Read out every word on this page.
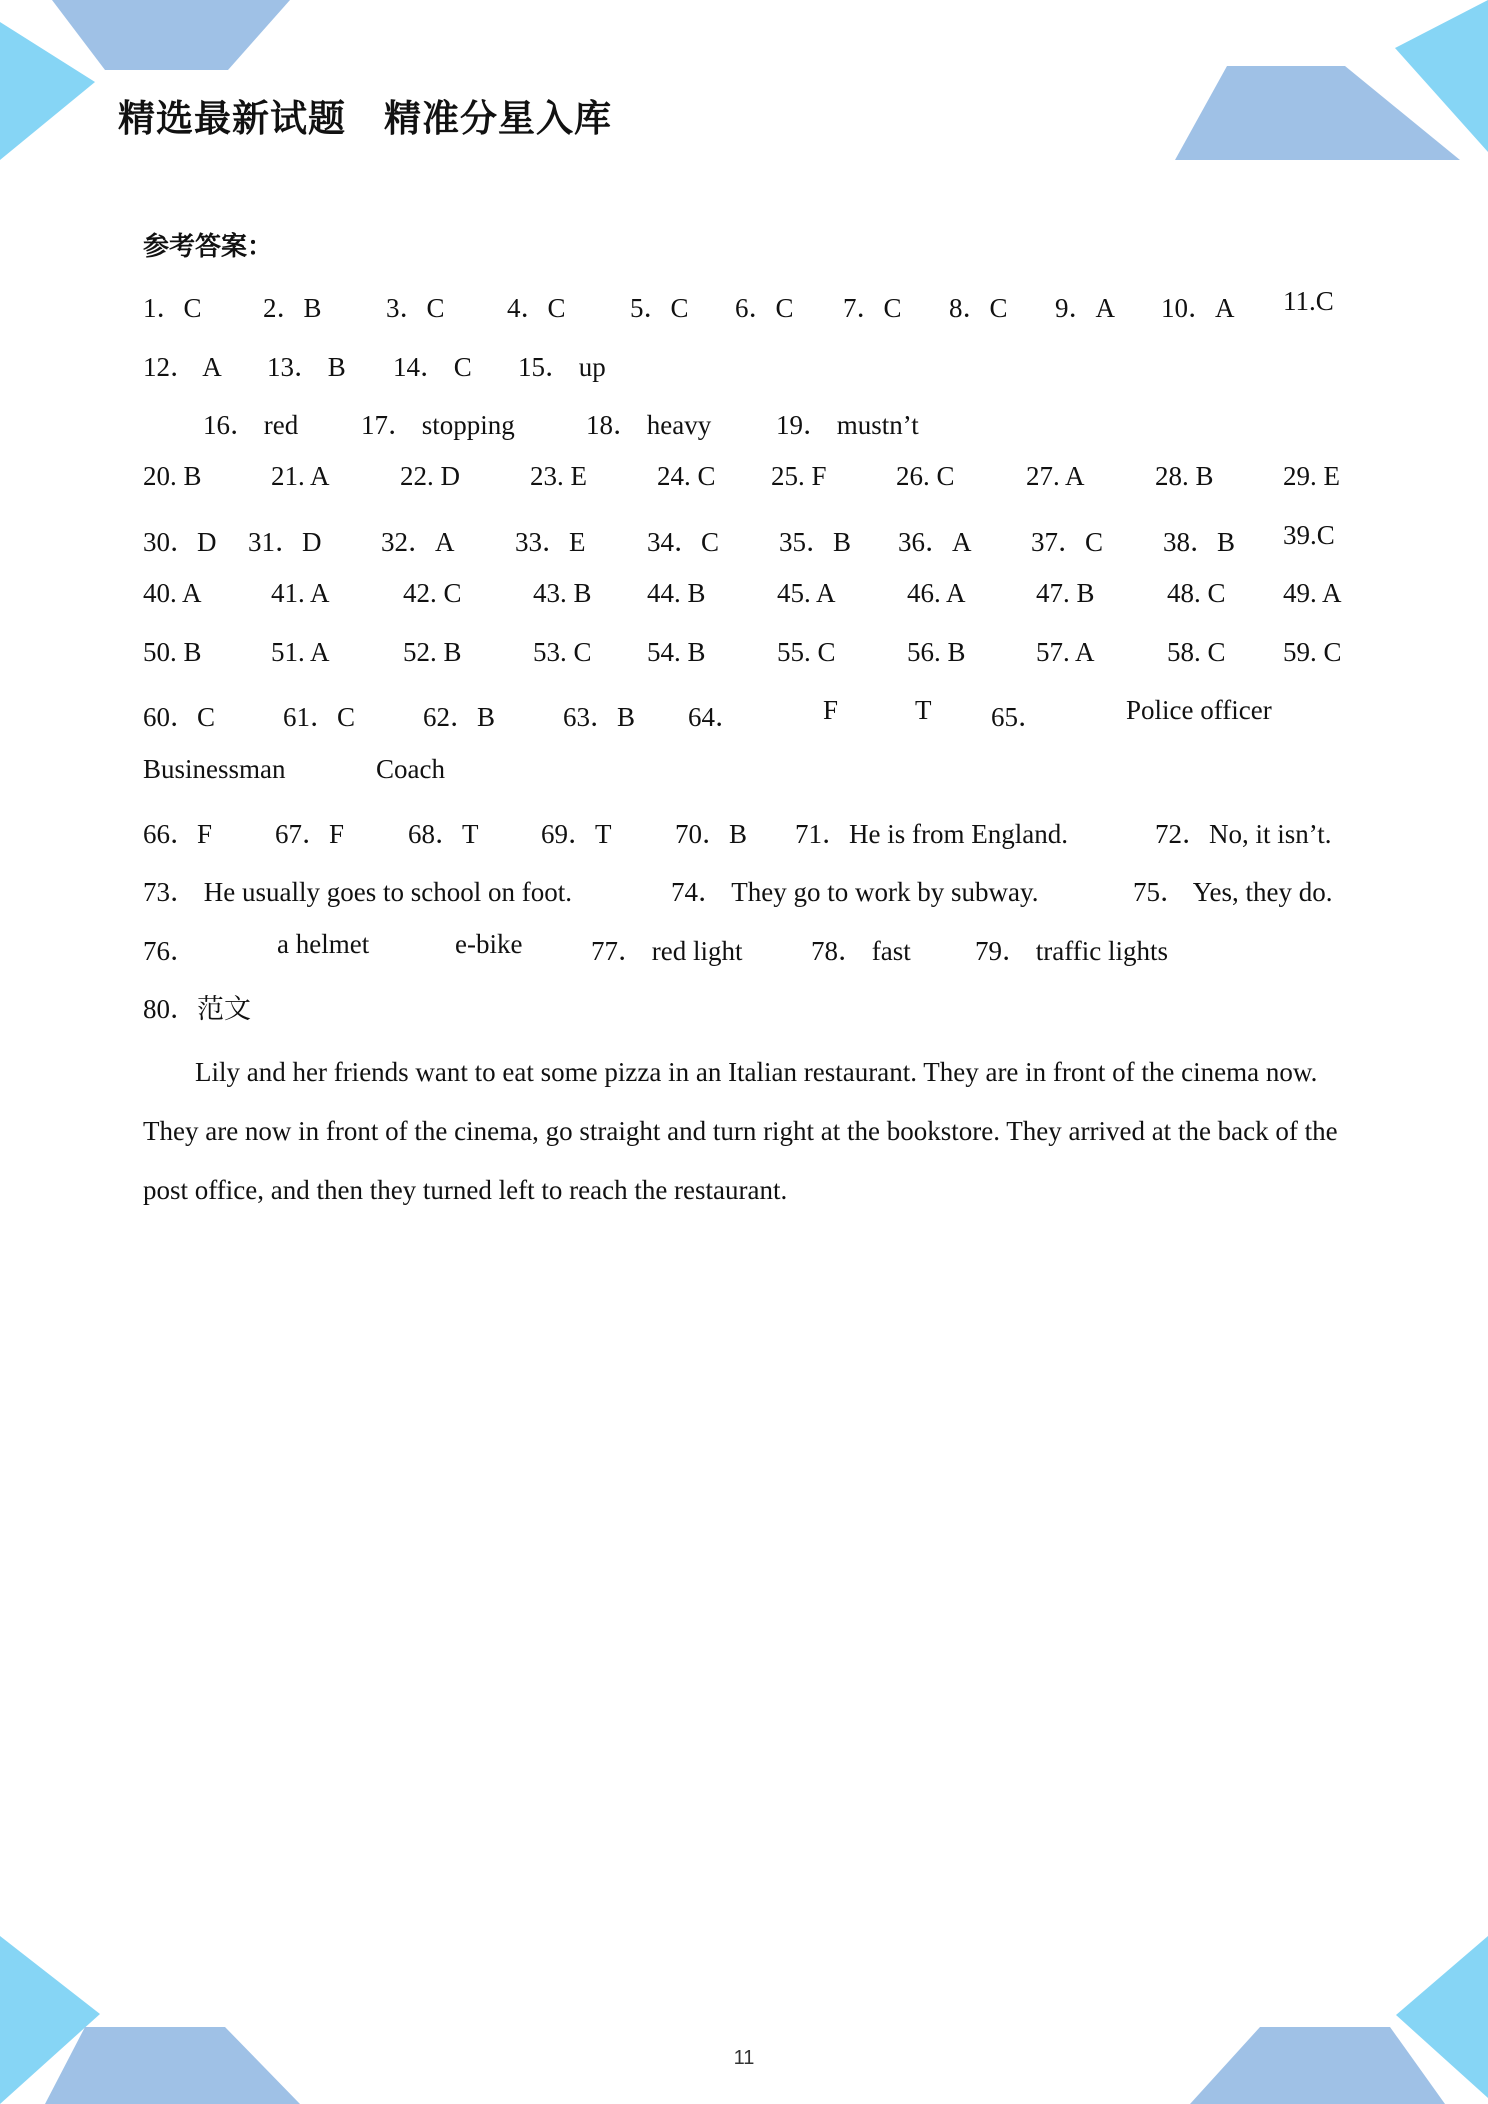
精选最新试题　精准分星入库
参考答案：
1．C 2．B 3．C 4．C 5．C 6．C 7．C 8．C 9．A 10．A 11.C
12． A 13． B 14． C 15． up
16． red 17． stopping	18． heavy 19． mustn’t
20. B	21. A	22. D	23. E	24. C 25. F	26. C	27. A	28. B	29. E
30．D 31．D 32．A 33．E 34．C 35．B 36．A 37．C 38．B 39.C
40. A	41. A	42. C	43. B 44. B	45. A	46. A	47. B	48. C 49. A
50. B	51. A	52. B	53. C 54. B	55. C	56. B	57. A	58. C 59. C
60．C	61．C	62．B	63．B 64．	F	T 65．	Police officer
Businessman	Coach
66．F 67．F 68．T 69．T 70．B 71．He is from England.	72．No, it isn’t.
73． He usually goes to school on foot.	74． They go to work by subway.	75． Yes, they do.
76．	a helmet	e-bike	77． red light	78． fast 79． traffic lights
80．范文

Lily and her friends want to eat some pizza in an Italian restaurant. They are in front of the cinema now. They are now in front of the cinema, go straight and turn right at the bookstore. They arrived at the back of the post office, and then they turned left to reach the restaurant.

11
